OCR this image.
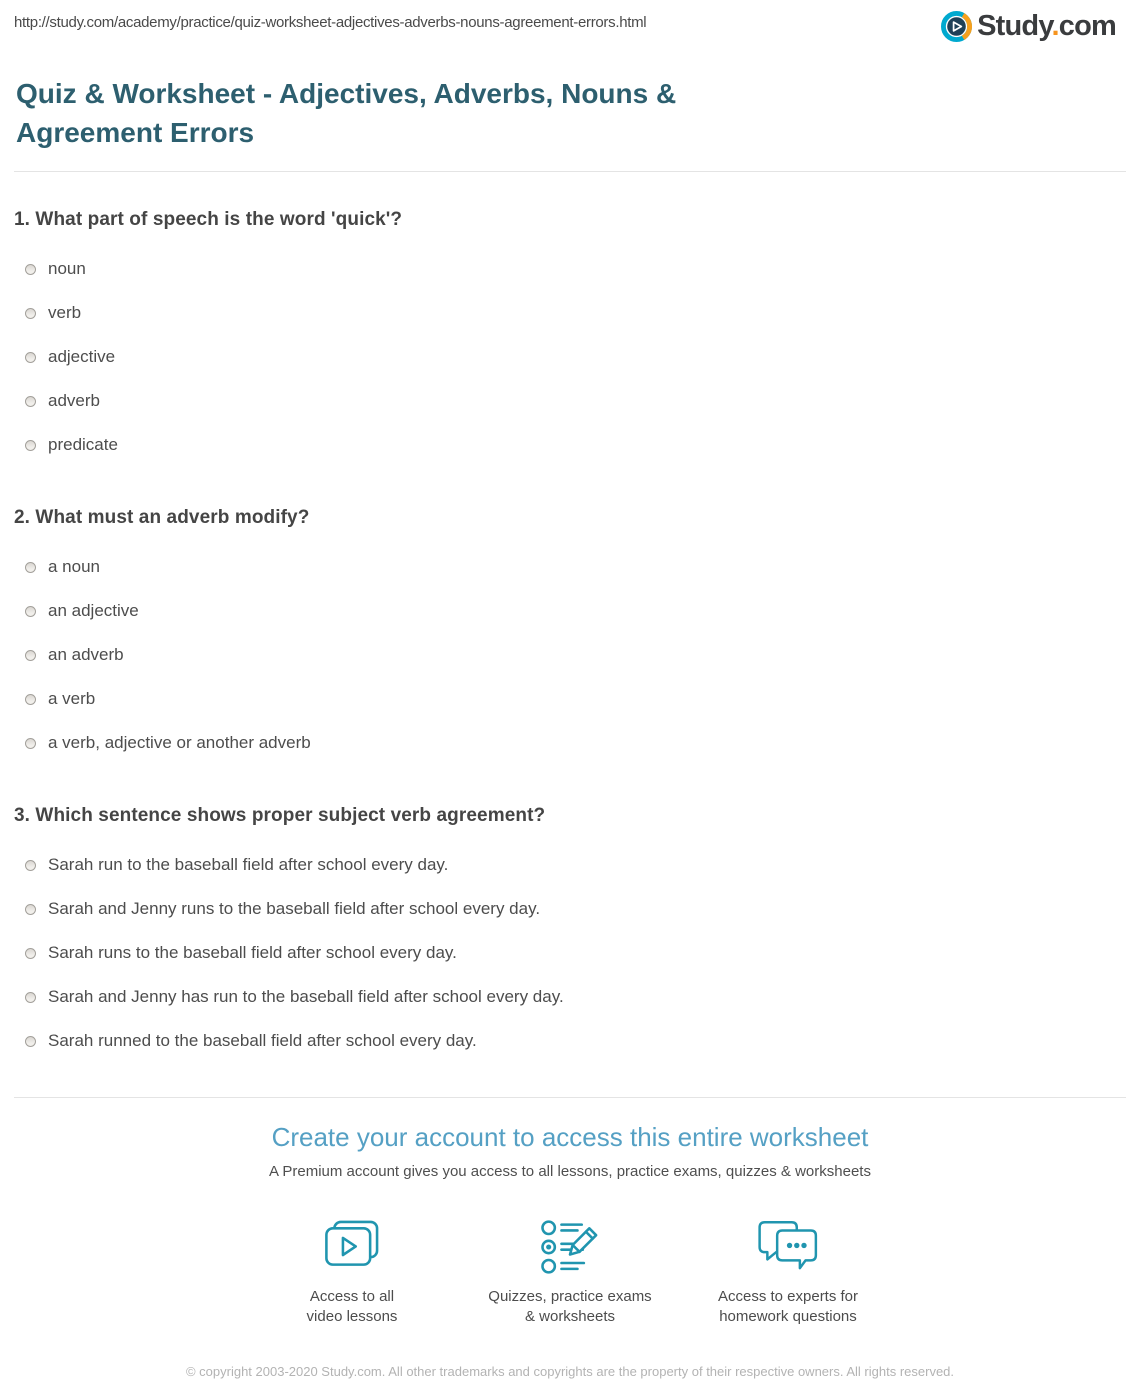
http://study.com/academy/practice/quiz-worksheet-adjectives-adverbs-nouns-agreement-errors.html	Study.com
Quiz & Worksheet - Adjectives, Adverbs, Nouns & Agreement Errors
1. What part of speech is the word 'quick'?
noun
verb
adjective
adverb
predicate
2. What must an adverb modify?
a noun
an adjective
an adverb
a verb
a verb, adjective or another adverb
3. Which sentence shows proper subject verb agreement?
Sarah run to the baseball field after school every day.
Sarah and Jenny runs to the baseball field after school every day.
Sarah runs to the baseball field after school every day.
Sarah and Jenny has run to the baseball field after school every day.
Sarah runned to the baseball field after school every day.
Create your account to access this entire worksheet
A Premium account gives you access to all lessons, practice exams, quizzes & worksheets
Access to all
video lessons
Quizzes, practice exams
& worksheets
Access to experts for
homework questions
© copyright 2003-2020 Study.com. All other trademarks and copyrights are the property of their respective owners. All rights reserved.
